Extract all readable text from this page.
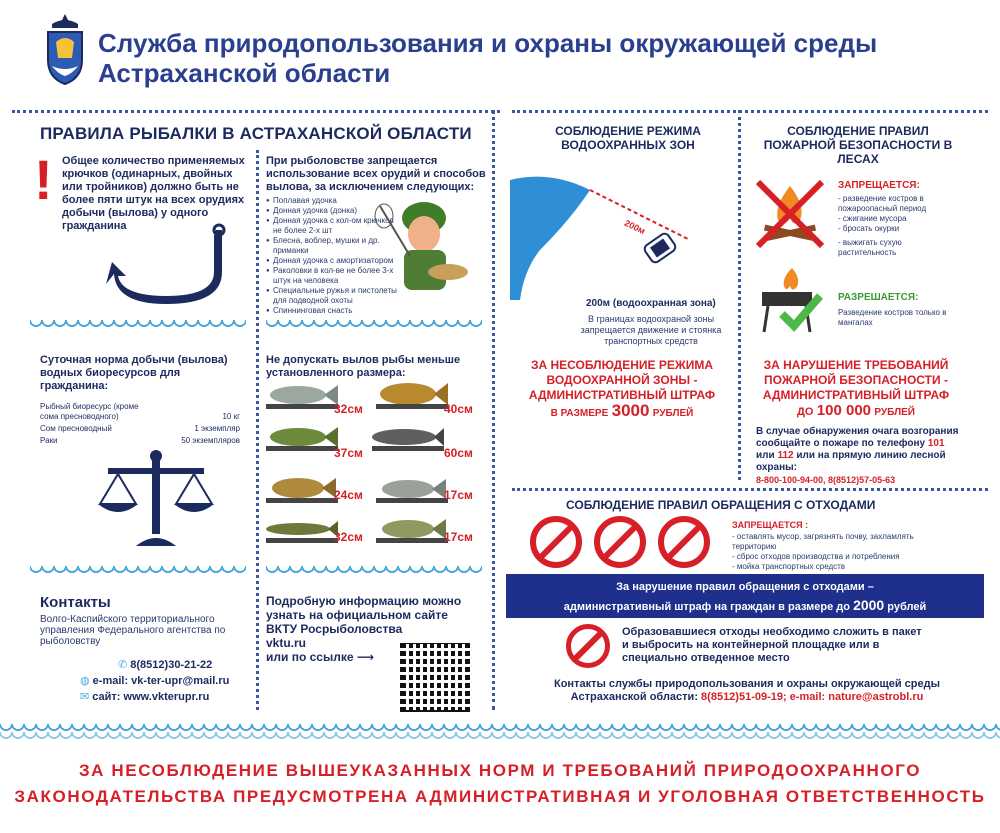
Служба природопользования и охраны окружающей среды
Астраханской области
ПРАВИЛА РЫБАЛКИ В АСТРАХАНСКОЙ ОБЛАСТИ
! Общее количество применяемых крючков (одинарных, двойных или тройников) должно быть не более пяти штук на всех орудиях добычи (вылова) у одного гражданина
При рыболовстве запрещается использование всех орудий и способов вылова, за исключением следующих:
● Поплавая удочка
● Донная удочка (донка)
● Донная удочка с кол-ом крючков не более 2-х шт
● Блесна, воблер, мушки и др. приманки
● Донная удочка с амортизатором
● Раколовки в кол-ве не более 3-х штук на человека
● Специальные ружья и пистолеты для подводной охоты
● Спиннинговая снасть
Суточная норма добычи (вылова) водных биоресурсов для гражданина:
Рыбный биоресурс (кроме сома пресноводного)	10 кг
Сом пресноводный	1 экземпляр
Раки	50 экземпляров
Не допускать вылов рыбы меньше установленного размера:
32см	40см
37см	60см
24см	17см
32см	17см
Контакты
Волго-Каспийского территориального управления Федерального агентства по рыболовству
✆ 8(8512)30-21-22
◍ e-mail: vk-ter-upr@mail.ru
✉ сайт: www.vkterupr.ru
Подробную информацию можно узнать на официальном сайте ВКТУ Росрыболовства
vktu.ru
или по ссылке ⟶
СОБЛЮДЕНИЕ РЕЖИМА ВОДООХРАННЫХ ЗОН
200м
200м (водоохранная зона)
В границах водоохраной зоны запрещается движение и стоянка транспортных средств
ЗА НЕСОБЛЮДЕНИЕ РЕЖИМА
ВОДООХРАННОЙ ЗОНЫ -
АДМИНИСТРАТИВНЫЙ ШТРАФ
В РАЗМЕРЕ 3000 РУБЛЕЙ
СОБЛЮДЕНИЕ ПРАВИЛ ПОЖАРНОЙ БЕЗОПАСНОСТИ В ЛЕСАХ
ЗАПРЕЩАЕТСЯ:
- разведение костров в пожароопасный период
- сжигание мусора
- бросать окурки
- выжигать сухую растительность
РАЗРЕШАЕТСЯ:
Разведение костров только в мангалах
ЗА НАРУШЕНИЕ ТРЕБОВАНИЙ
ПОЖАРНОЙ БЕЗОПАСНОСТИ -
АДМИНИСТРАТИВНЫЙ ШТРАФ
ДО 100 000 РУБЛЕЙ
В случае обнаружения очага возгорания сообщайте о пожаре по телефону 101 или 112 или на прямую линию лесной охраны:
8-800-100-94-00, 8(8512)57-05-63
СОБЛЮДЕНИЕ ПРАВИЛ ОБРАЩЕНИЯ С ОТХОДАМИ
ЗАПРЕЩАЕТСЯ :
- оставлять мусор, загрязнять почву, захламлять территорию
- сброс отходов производства и потребления
- мойка транспортных средств
За нарушение правил обращения с отходами –
административный штраф на граждан в размере до 2000 рублей
Образовавшиеся отходы необходимо сложить в пакет и выбросить на контейнерной площадке или в специально отведенное место
Контакты службы природопользования и охраны окружающей среды
Астраханской области: 8(8512)51-09-19; e-mail: nature@astrobl.ru
ЗА НЕСОБЛЮДЕНИЕ ВЫШЕУКАЗАННЫХ НОРМ И ТРЕБОВАНИЙ ПРИРОДООХРАННОГО
ЗАКОНОДАТЕЛЬСТВА ПРЕДУСМОТРЕНА АДМИНИСТРАТИВНАЯ И УГОЛОВНАЯ ОТВЕТСТВЕННОСТЬ
